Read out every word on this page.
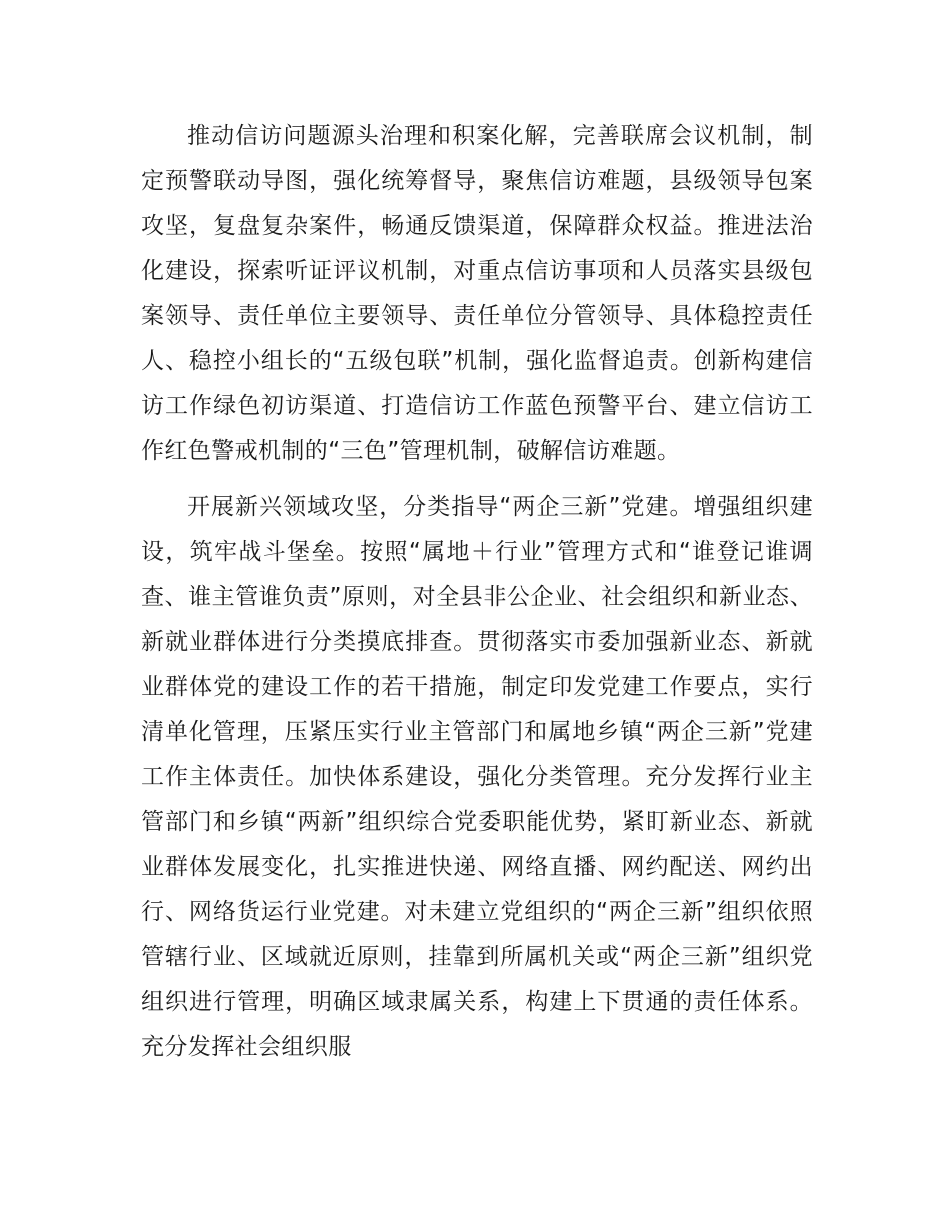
推动信访问题源头治理和积案化解，完善联席会议机制，制定预警联动导图，强化统筹督导，聚焦信访难题，县级领导包案攻坚，复盘复杂案件，畅通反馈渠道，保障群众权益。推进法治化建设，探索听证评议机制，对重点信访事项和人员落实县级包案领导、责任单位主要领导、责任单位分管领导、具体稳控责任人、稳控小组长的“五级包联”机制，强化监督追责。创新构建信访工作绿色初访渠道、打造信访工作蓝色预警平台、建立信访工作红色警戒机制的“三色”管理机制，破解信访难题。

开展新兴领域攻坚，分类指导“两企三新”党建。增强组织建设，筑牢战斗堡垒。按照“属地＋行业”管理方式和“谁登记谁调查、谁主管谁负责”原则，对全县非公企业、社会组织和新业态、新就业群体进行分类摸底排查。贯彻落实市委加强新业态、新就业群体党的建设工作的若干措施，制定印发党建工作要点，实行清单化管理，压紧压实行业主管部门和属地乡镇“两企三新”党建工作主体责任。加快体系建设，强化分类管理。充分发挥行业主管部门和乡镇“两新”组织综合党委职能优势，紧盯新业态、新就业群体发展变化，扎实推进快递、网络直播、网约配送、网约出行、网络货运行业党建。对未建立党组织的“两企三新”组织依照管辖行业、区域就近原则，挂靠到所属机关或“两企三新”组织党组织进行管理，明确区域隶属关系，构建上下贯通的责任体系。充分发挥社会组织服
